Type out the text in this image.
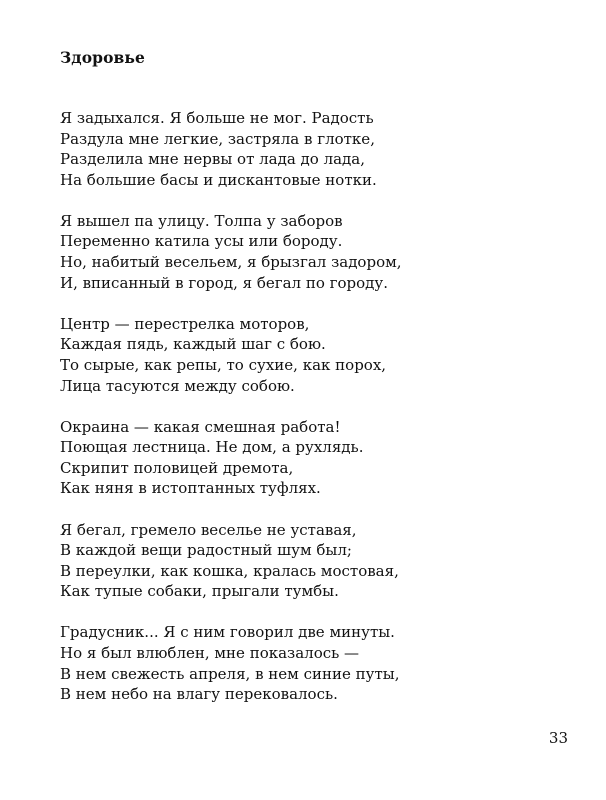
Здоровье
Я задыхался. Я больше не мог. Радость
Раздула мне легкие, застряла в глотке,
Разделила мне нервы от лада до лада,
На большие басы и дискантовые нотки.
Я вышел па улицу. Толпа у заборов
Переменно катила усы или бороду.
Но, набитый весельем, я брызгал задором,
И, вписанный в город, я бегал по городу.
Центр — перестрелка моторов,
Каждая пядь, каждый шаг с бою.
То сырые, как репы, то сухие, как порох,
Лица тасуются между собою.
Окраина — какая смешная работа!
Поющая лестница. Не дом, а рухлядь.
Скрипит половицей дремота,
Как няня в истоптанных туфлях.
Я бегал, гремело веселье не уставая,
В каждой вещи радостный шум был;
В переулки, как кошка, кралась мостовая,
Как тупые собаки, прыгали тумбы.
Градусник... Я с ним говорил две минуты.
Но я был влюблен, мне показалось —
В нем свежесть апреля, в нем синие путы,
В нем небо на влагу перековалось.
33
